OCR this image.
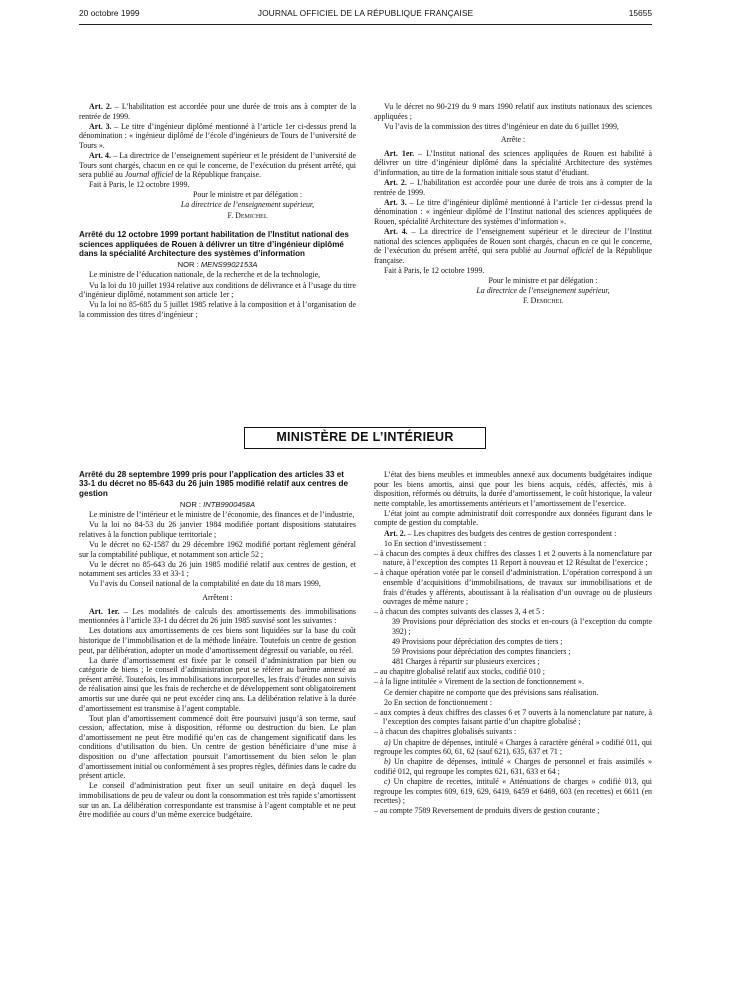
20 octobre 1999	JOURNAL OFFICIEL DE LA RÉPUBLIQUE FRANÇAISE	15655

Art. 2. – L’habilitation est accordée pour une durée de trois ans à compter de la rentrée de 1999.

Art. 3. – Le titre d’ingénieur diplômé mentionné à l’article 1er ci-dessus prend la dénomination : « ingénieur diplômé de l’école d’ingénieurs de Tours de l’université de Tours ».

Art. 4. – La directrice de l’enseignement supérieur et le président de l’université de Tours sont chargés, chacun en ce qui le concerne, de l’exécution du présent arrêté, qui sera publié au Journal officiel de la République française.

Fait à Paris, le 12 octobre 1999.

Pour le ministre et par délégation :

La directrice de l’enseignement supérieur,

F. Demichel

Arrêté du 12 octobre 1999 portant habilitation de l’Institut national des sciences appliquées de Rouen à délivrer un titre d’ingénieur diplômé dans la spécialité Architecture des systèmes d’information

NOR : MENS9902153A

Le ministre de l’éducation nationale, de la recherche et de la technologie,

Vu la loi du 10 juillet 1934 relative aux conditions de délivrance et à l’usage du titre d’ingénieur diplômé, notamment son article 1er ;

Vu la loi no 85-685 du 5 juillet 1985 relative à la composition et à l’organisation de la commission des titres d’ingénieur ;

Vu le décret no 90-219 du 9 mars 1990 relatif aux instituts nationaux des sciences appliquées ;

Vu l’avis de la commission des titres d’ingénieur en date du 6 juillet 1999,

Arrête :

Art. 1er. – L’Institut national des sciences appliquées de Rouen est habilité à délivrer un titre d’ingénieur diplômé dans la spécialité Architecture des systèmes d’information, au titre de la formation initiale sous statut d’étudiant.

Art. 2. – L’habilitation est accordée pour une durée de trois ans à compter de la rentrée de 1999.

Art. 3. – Le titre d’ingénieur diplômé mentionné à l’article 1er ci-dessus prend la dénomination : « ingénieur diplômé de l’Institut national des sciences appliquées de Rouen, spécialité Architecture des systèmes d’information ».

Art. 4. – La directrice de l’enseignement supérieur et le directeur de l’Institut national des sciences appliquées de Rouen sont chargés, chacun en ce qui le concerne, de l’exécution du présent arrêté, qui sera publié au Journal officiel de la République française.

Fait à Paris, le 12 octobre 1999.

Pour le ministre et par délégation :

La directrice de l’enseignement supérieur,

F. Demichel

MINISTÈRE DE L’INTÉRIEUR

Arrêté du 28 septembre 1999 pris pour l’application des articles 33 et 33-1 du décret no 85-643 du 26 juin 1985 modifié relatif aux centres de gestion

NOR : INTB9900458A

Le ministre de l’intérieur et le ministre de l’économie, des finances et de l’industrie,

Vu la loi no 84-53 du 26 janvier 1984 modifiée portant dispositions statutaires relatives à la fonction publique territoriale ;

Vu le décret no 62-1587 du 29 décembre 1962 modifié portant règlement général sur la comptabilité publique, et notamment son article 52 ;

Vu le décret no 85-643 du 26 juin 1985 modifié relatif aux centres de gestion, et notamment ses articles 33 et 33-1 ;

Vu l’avis du Conseil national de la comptabilité en date du 18 mars 1999,

Arrêtent :

Art. 1er. – Les modalités de calculs des amortissements des immobilisations mentionnées à l’article 33-1 du décret du 26 juin 1985 susvisé sont les suivantes :

Les dotations aux amortissements de ces biens sont liquidées sur la base du coût historique de l’immobilisation et de la méthode linéaire. Toutefois un centre de gestion peut, par délibération, adopter un mode d’amortissement dégressif ou variable, ou réel.

La durée d’amortissement est fixée par le conseil d’administration par bien ou catégorie de biens ; le conseil d’administration peut se référer au barème annexé au présent arrêté. Toutefois, les immobilisations incorporelles, les frais d’études non suivis de réalisation ainsi que les frais de recherche et de développement sont obligatoirement amortis sur une durée qui ne peut excéder cinq ans. La délibération relative à la durée d’amortissement est transmise à l’agent comptable.

Tout plan d’amortissement commencé doit être poursuivi jusqu’à son terme, sauf cession, affectation, mise à disposition, réforme ou destruction du bien. Le plan d’amortissement ne peut être modifié qu’en cas de changement significatif dans les conditions d’utilisation du bien. Un centre de gestion bénéficiaire d’une mise à disposition ou d’une affectation poursuit l’amortissement du bien selon le plan d’amortissement initial ou conformément à ses propres règles, définies dans le cadre du présent article.

Le conseil d’administration peut fixer un seuil unitaire en deçà duquel les immobilisations de peu de valeur ou dont la consommation est très rapide s’amortissent sur un an. La délibération correspondante est transmise à l’agent comptable et ne peut être modifiée au cours d’un même exercice budgétaire.

L’état des biens meubles et immeubles annexé aux documents budgétaires indique pour les biens amortis, ainsi que pour les biens acquis, cédés, affectés, mis à disposition, réformés ou détruits, la durée d’amortissement, le coût historique, la valeur nette comptable, les amortissements antérieurs et l’amortissement de l’exercice.

L’état joint au compte administratif doit correspondre aux données figurant dans le compte de gestion du comptable.

Art. 2. – Les chapitres des budgets des centres de gestion correspondent :

1o En section d’investissement :

– à chacun des comptes à deux chiffres des classes 1 et 2 ouverts à la nomenclature par nature, à l’exception des comptes 11 Report à nouveau et 12 Résultat de l’exercice ;

– à chaque opération votée par le conseil d’administration. L’opération correspond à un ensemble d’acquisitions d’immobilisations, de travaux sur immobilisations et de frais d’études y afférents, aboutissant à la réalisation d’un ouvrage ou de plusieurs ouvrages de même nature ;

– à chacun des comptes suivants des classes 3, 4 et 5 :

39 Provisions pour dépréciation des stocks et en-cours (à l’exception du compte 392) ;

49 Provisions pour dépréciation des comptes de tiers ;

59 Provisions pour dépréciation des comptes financiers ;

481 Charges à répartir sur plusieurs exercices ;

– au chapitre globalisé relatif aux stocks, codifié 010 ;

– à la ligne intitulée « Virement de la section de fonctionnement ».

Ce dernier chapitre ne comporte que des prévisions sans réalisation.

2o En section de fonctionnement :

– aux comptes à deux chiffres des classes 6 et 7 ouverts à la nomenclature par nature, à l’exception des comptes faisant partie d’un chapitre globalisé ;

– à chacun des chapitres globalisés suivants :

a) Un chapitre de dépenses, intitulé « Charges à caractère général » codifié 011, qui regroupe les comptes 60, 61, 62 (sauf 621), 635, 637 et 71 ;

b) Un chapitre de dépenses, intitulé « Charges de personnel et frais assimilés » codifié 012, qui regroupe les comptes 621, 631, 633 et 64 ;

c) Un chapitre de recettes, intitulé « Atténuations de charges » codifié 013, qui regroupe les comptes 609, 619, 629, 6419, 6459 et 6469, 603 (en recettes) et 6611 (en recettes) ;

– au compte 7589 Reversement de produits divers de gestion courante ;
